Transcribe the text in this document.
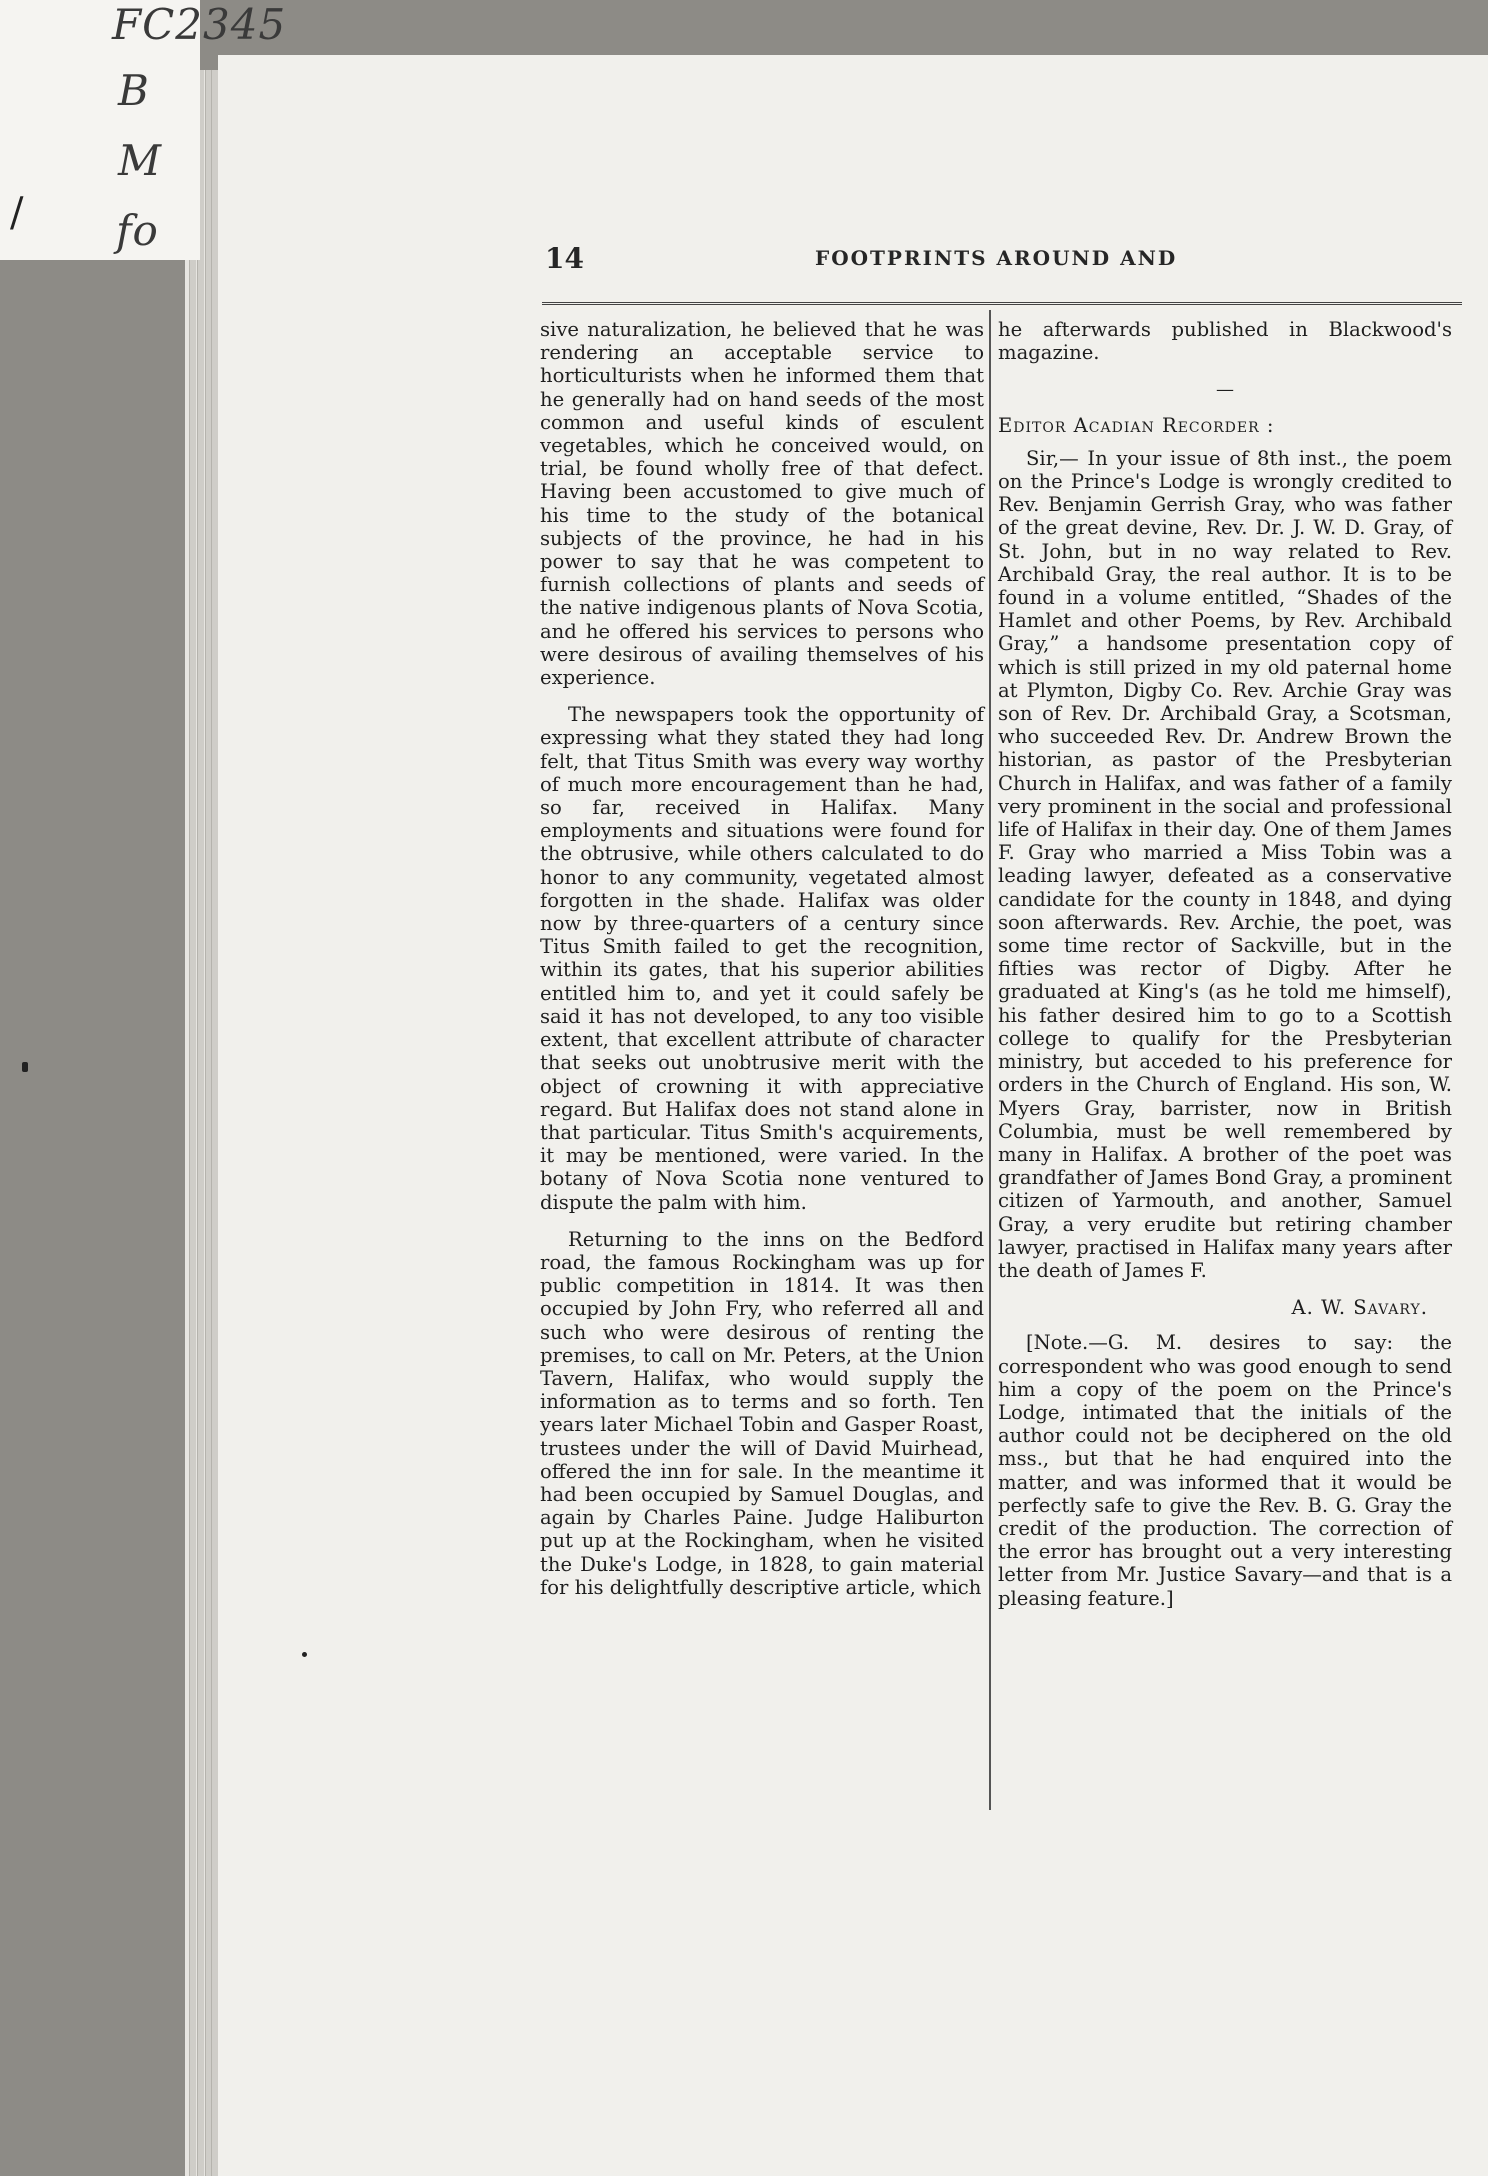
FC2345
B
M
fo
/
14	FOOTPRINTS AROUND AND

sive naturalization, he believed that he was rendering an acceptable service to horticulturists when he informed them that he generally had on hand seeds of the most common and useful kinds of esculent vegetables, which he conceived would, on trial, be found wholly free of that defect. Having been accustomed to give much of his time to the study of the botanical subjects of the province, he had in his power to say that he was competent to furnish collections of plants and seeds of the native indigenous plants of Nova Scotia, and he offered his services to persons who were desirous of availing themselves of his experience.

The newspapers took the opportunity of expressing what they stated they had long felt, that Titus Smith was every way worthy of much more encouragement than he had, so far, received in Halifax. Many employments and situations were found for the obtrusive, while others calculated to do honor to any community, vegetated almost forgotten in the shade. Halifax was older now by three-quarters of a century since Titus Smith failed to get the recognition, within its gates, that his superior abilities entitled him to, and yet it could safely be said it has not developed, to any too visible extent, that excellent attribute of character that seeks out unobtrusive merit with the object of crowning it with appreciative regard. But Halifax does not stand alone in that particular. Titus Smith's acquirements, it may be mentioned, were varied. In the botany of Nova Scotia none ventured to dispute the palm with him.

Returning to the inns on the Bedford road, the famous Rockingham was up for public competition in 1814. It was then occupied by John Fry, who referred all and such who were desirous of renting the premises, to call on Mr. Peters, at the Union Tavern, Halifax, who would supply the information as to terms and so forth. Ten years later Michael Tobin and Gasper Roast, trustees under the will of David Muirhead, offered the inn for sale. In the meantime it had been occupied by Samuel Douglas, and again by Charles Paine. Judge Haliburton put up at the Rockingham, when he visited the Duke's Lodge, in 1828, to gain material for his delightfully descriptive article, which

he afterwards published in Blackwood's magazine.

—
Editor Acadian Recorder :

Sir,— In your issue of 8th inst., the poem on the Prince's Lodge is wrongly credited to Rev. Benjamin Gerrish Gray, who was father of the great devine, Rev. Dr. J. W. D. Gray, of St. John, but in no way related to Rev. Archibald Gray, the real author. It is to be found in a volume entitled, “Shades of the Hamlet and other Poems, by Rev. Archibald Gray,” a handsome presentation copy of which is still prized in my old paternal home at Plymton, Digby Co. Rev. Archie Gray was son of Rev. Dr. Archibald Gray, a Scotsman, who succeeded Rev. Dr. Andrew Brown the historian, as pastor of the Presbyterian Church in Halifax, and was father of a family very prominent in the social and professional life of Halifax in their day. One of them James F. Gray who married a Miss Tobin was a leading lawyer, defeated as a conservative candidate for the county in 1848, and dying soon afterwards. Rev. Archie, the poet, was some time rector of Sackville, but in the fifties was rector of Digby. After he graduated at King's (as he told me himself), his father desired him to go to a Scottish college to qualify for the Presbyterian ministry, but acceded to his preference for orders in the Church of England. His son, W. Myers Gray, barrister, now in British Columbia, must be well remembered by many in Halifax. A brother of the poet was grandfather of James Bond Gray, a prominent citizen of Yarmouth, and another, Samuel Gray, a very erudite but retiring chamber lawyer, practised in Halifax many years after the death of James F.

A. W. Savary.

[Note.—G. M. desires to say: the correspondent who was good enough to send him a copy of the poem on the Prince's Lodge, intimated that the initials of the author could not be deciphered on the old mss., but that he had enquired into the matter, and was informed that it would be perfectly safe to give the Rev. B. G. Gray the credit of the production. The correction of the error has brought out a very interesting letter from Mr. Justice Savary—and that is a pleasing feature.]
